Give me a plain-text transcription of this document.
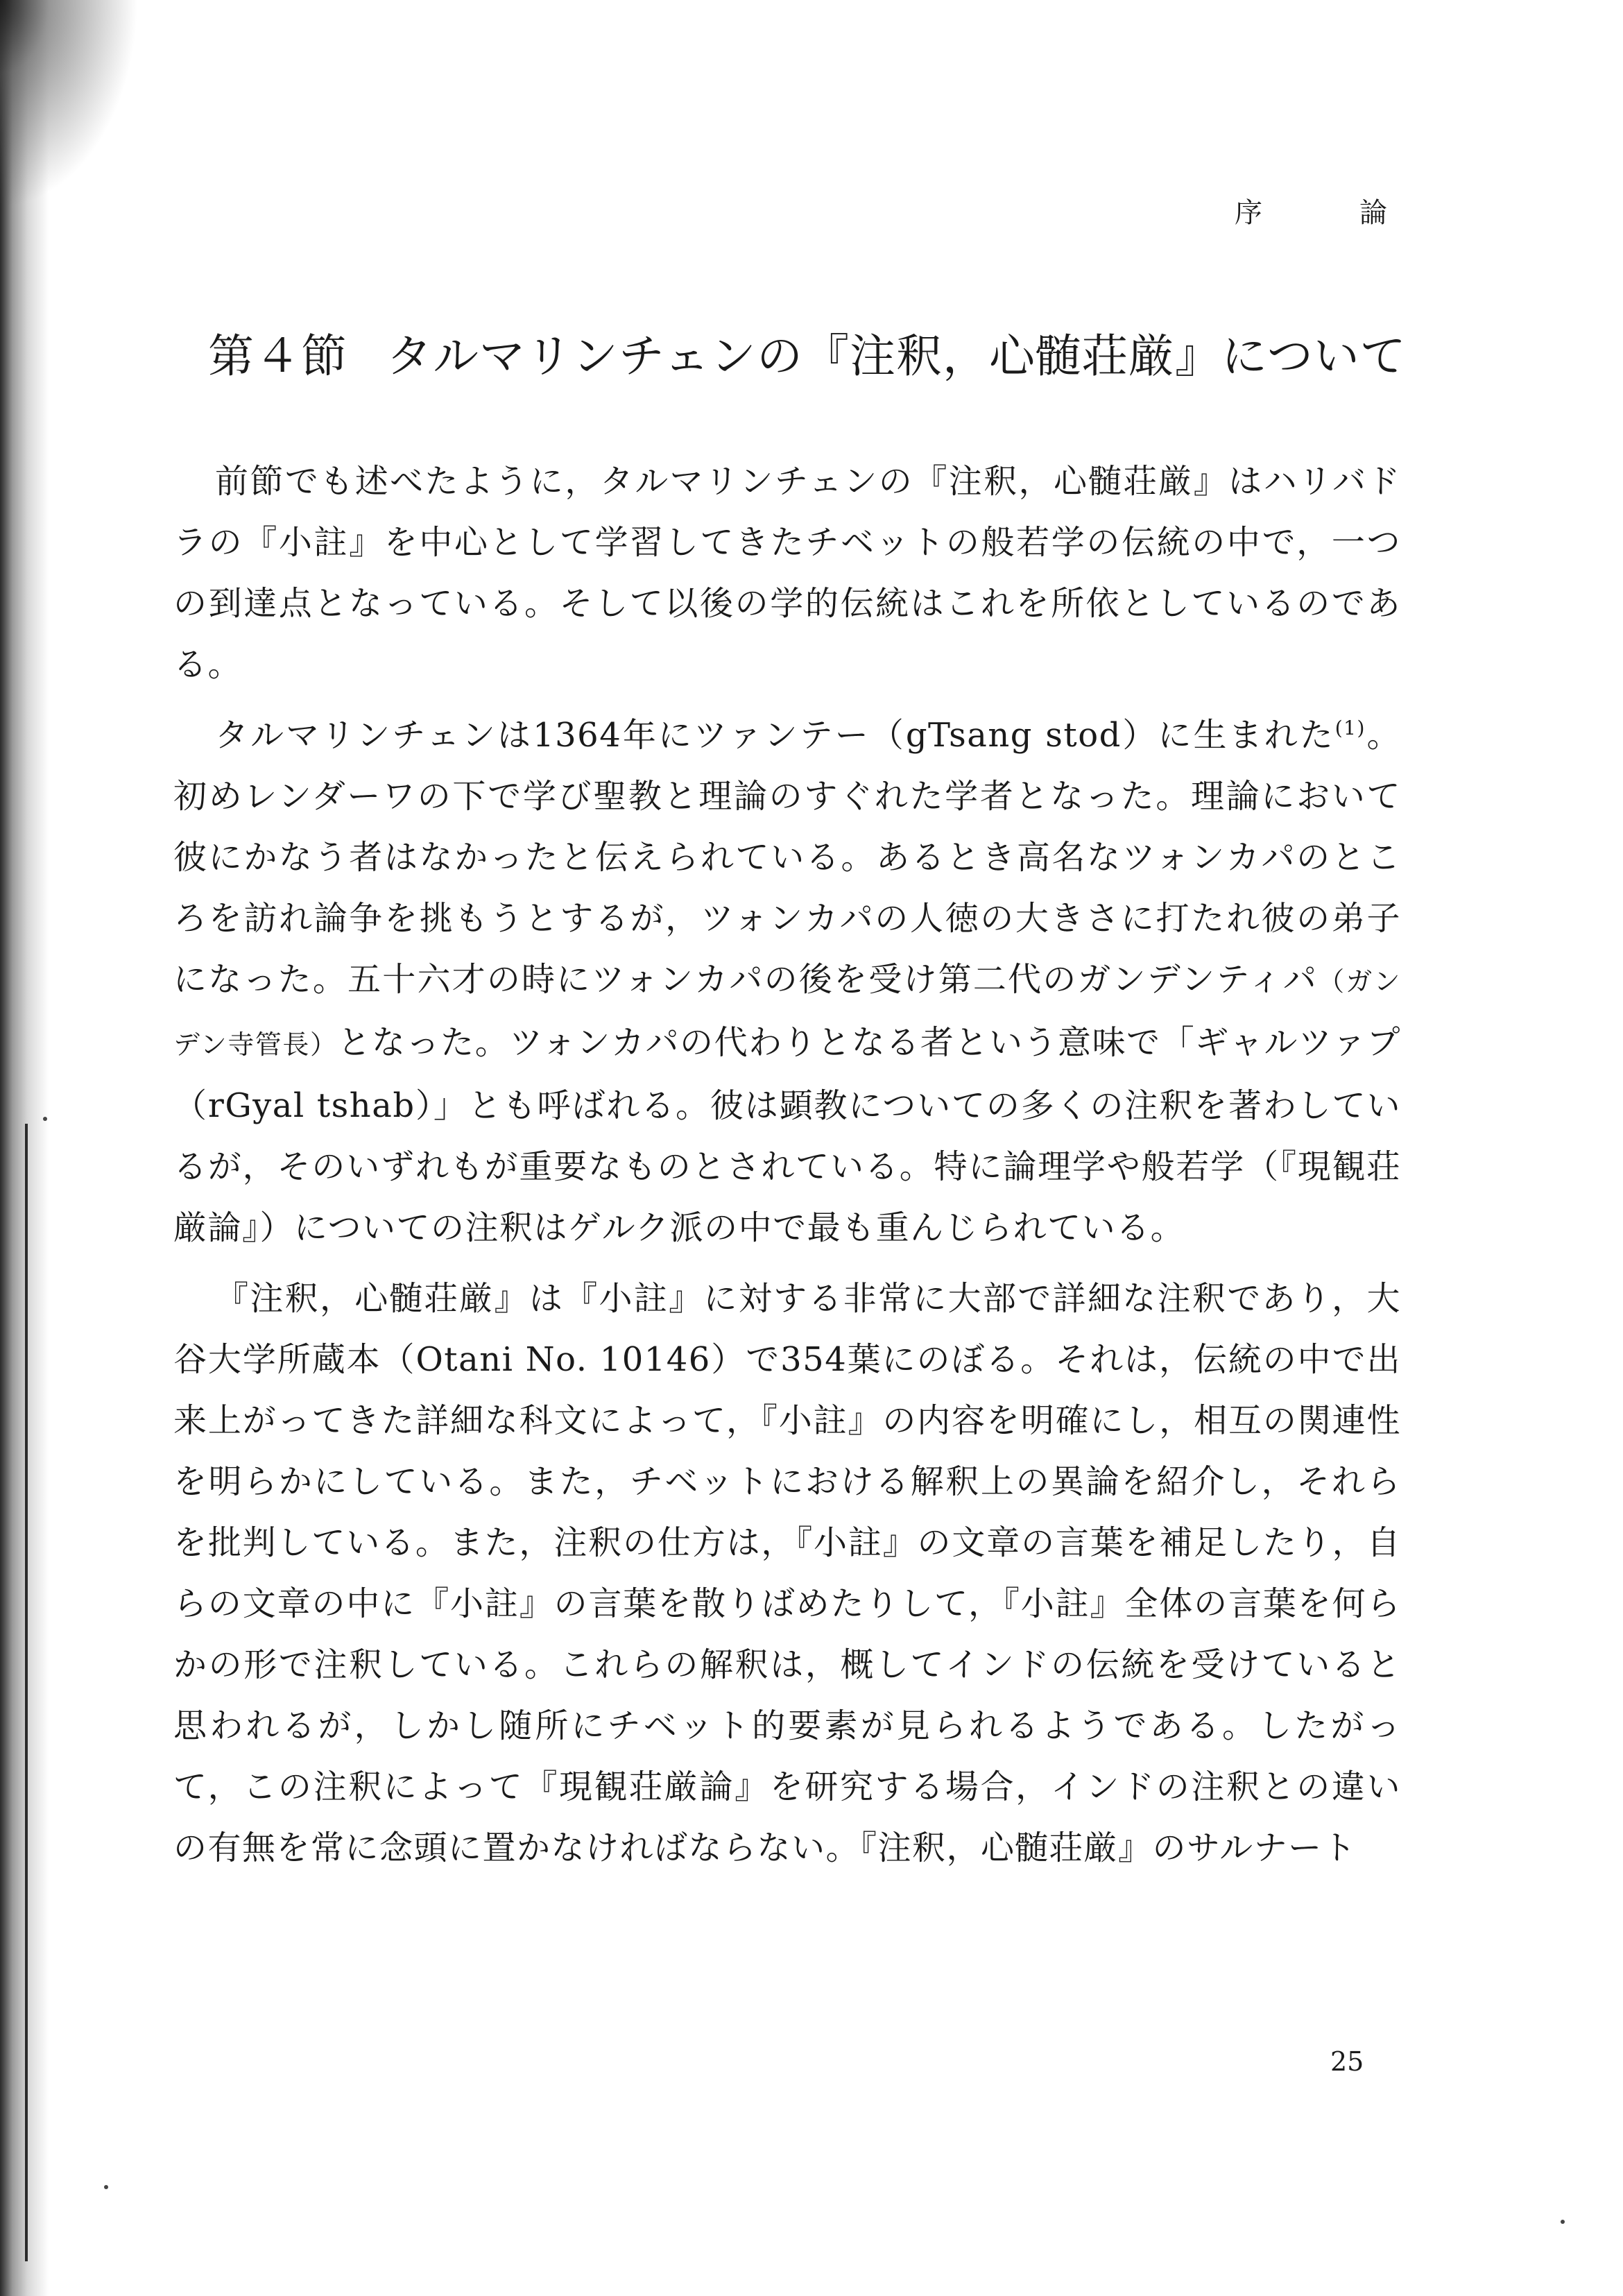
序	論
第４節 タルマリンチェンの『注釈，心髄荘厳』について

前節でも述べたように，タルマリンチェンの『注釈，心髄荘厳』はハリバドラの『小註』を中心として学習してきたチベットの般若学の伝統の中で，一つの到達点となっている。そして以後の学的伝統はこれを所依としているのである。

タルマリンチェンは1364年にツァンテー（gTsang stod）に生まれた$^{(1)}$。初めレンダーワの下で学び聖教と理論のすぐれた学者となった。理論において彼にかなう者はなかったと伝えられている。あるとき高名なツォンカパのところを訪れ論争を挑もうとするが，ツォンカパの人徳の大きさに打たれ彼の弟子になった。五十六才の時にツォンカパの後を受け第二代のガンデンティパ（ガンデン寺管長）となった。ツォンカパの代わりとなる者という意味で「ギャルツァプ（rGyal tshab）」とも呼ばれる。彼は顕教についての多くの注釈を著わしているが，そのいずれもが重要なものとされている。特に論理学や般若学（『現観荘厳論』）についての注釈はゲルク派の中で最も重んじられている。

『注釈，心髄荘厳』は『小註』に対する非常に大部で詳細な注釈であり，大谷大学所蔵本（Otani No. 10146）で354葉にのぼる。それは，伝統の中で出来上がってきた詳細な科文によって，『小註』の内容を明確にし，相互の関連性を明らかにしている。また，チベットにおける解釈上の異論を紹介し，それらを批判している。また，注釈の仕方は，『小註』の文章の言葉を補足したり，自らの文章の中に『小註』の言葉を散りばめたりして，『小註』全体の言葉を何らかの形で注釈している。これらの解釈は，概してインドの伝統を受けていると思われるが，しかし随所にチベット的要素が見られるようである。したがって，この注釈によって『現観荘厳論』を研究する場合，インドの注釈との違いの有無を常に念頭に置かなければならない。『注釈，心髄荘厳』のサルナート

25
